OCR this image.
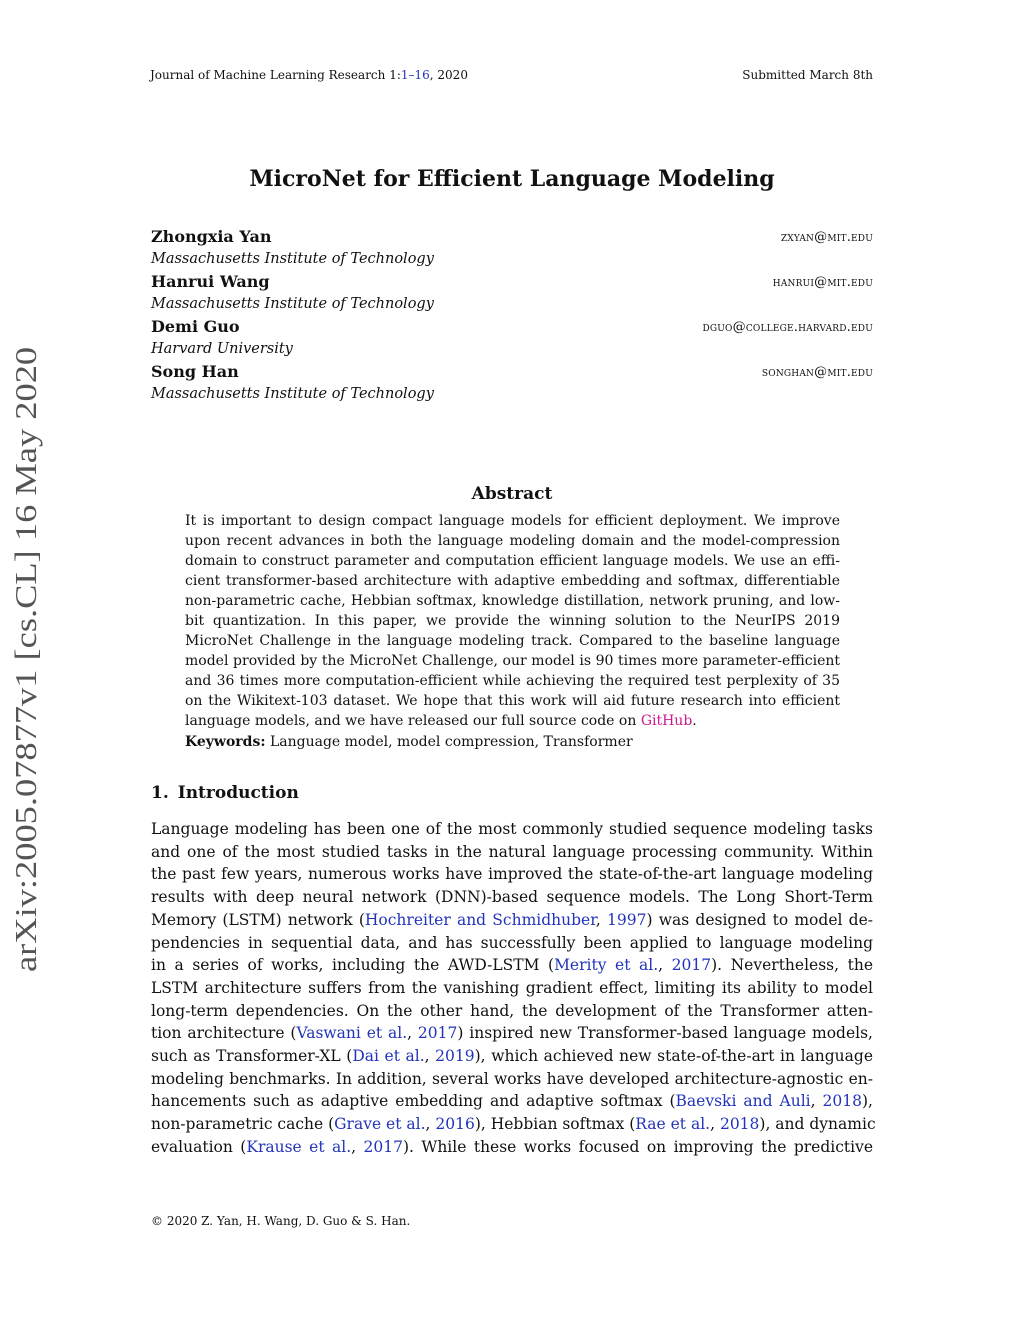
Journal of Machine Learning Research 1:1–16, 2020	Submitted March 8th
MicroNet for Efficient Language Modeling
Zhongxia Yan	zxyan@mit.edu
Massachusetts Institute of Technology
Hanrui Wang	hanrui@mit.edu
Massachusetts Institute of Technology
Demi Guo	dguo@college.harvard.edu
Harvard University
Song Han	songhan@mit.edu
Massachusetts Institute of Technology
Abstract
It is important to design compact language models for efficient deployment. We improve
upon recent advances in both the language modeling domain and the model-compression
domain to construct parameter and computation efficient language models. We use an effi-
cient transformer-based architecture with adaptive embedding and softmax, differentiable
non-parametric cache, Hebbian softmax, knowledge distillation, network pruning, and low-
bit quantization. In this paper, we provide the winning solution to the NeurIPS 2019
MicroNet Challenge in the language modeling track. Compared to the baseline language
model provided by the MicroNet Challenge, our model is 90 times more parameter-efficient
and 36 times more computation-efficient while achieving the required test perplexity of 35
on the Wikitext-103 dataset. We hope that this work will aid future research into efficient
language models, and we have released our full source code on GitHub.
Keywords: Language model, model compression, Transformer
1. Introduction
Language modeling has been one of the most commonly studied sequence modeling tasks
and one of the most studied tasks in the natural language processing community. Within
the past few years, numerous works have improved the state-of-the-art language modeling
results with deep neural network (DNN)-based sequence models. The Long Short-Term
Memory (LSTM) network (Hochreiter and Schmidhuber, 1997) was designed to model de-
pendencies in sequential data, and has successfully been applied to language modeling
in a series of works, including the AWD-LSTM (Merity et al., 2017). Nevertheless, the
LSTM architecture suffers from the vanishing gradient effect, limiting its ability to model
long-term dependencies. On the other hand, the development of the Transformer atten-
tion architecture (Vaswani et al., 2017) inspired new Transformer-based language models,
such as Transformer-XL (Dai et al., 2019), which achieved new state-of-the-art in language
modeling benchmarks. In addition, several works have developed architecture-agnostic en-
hancements such as adaptive embedding and adaptive softmax (Baevski and Auli, 2018),
non-parametric cache (Grave et al., 2016), Hebbian softmax (Rae et al., 2018), and dynamic
evaluation (Krause et al., 2017). While these works focused on improving the predictive
arXiv:2005.07877v1 [cs.CL] 16 May 2020
© 2020 Z. Yan, H. Wang, D. Guo & S. Han.
